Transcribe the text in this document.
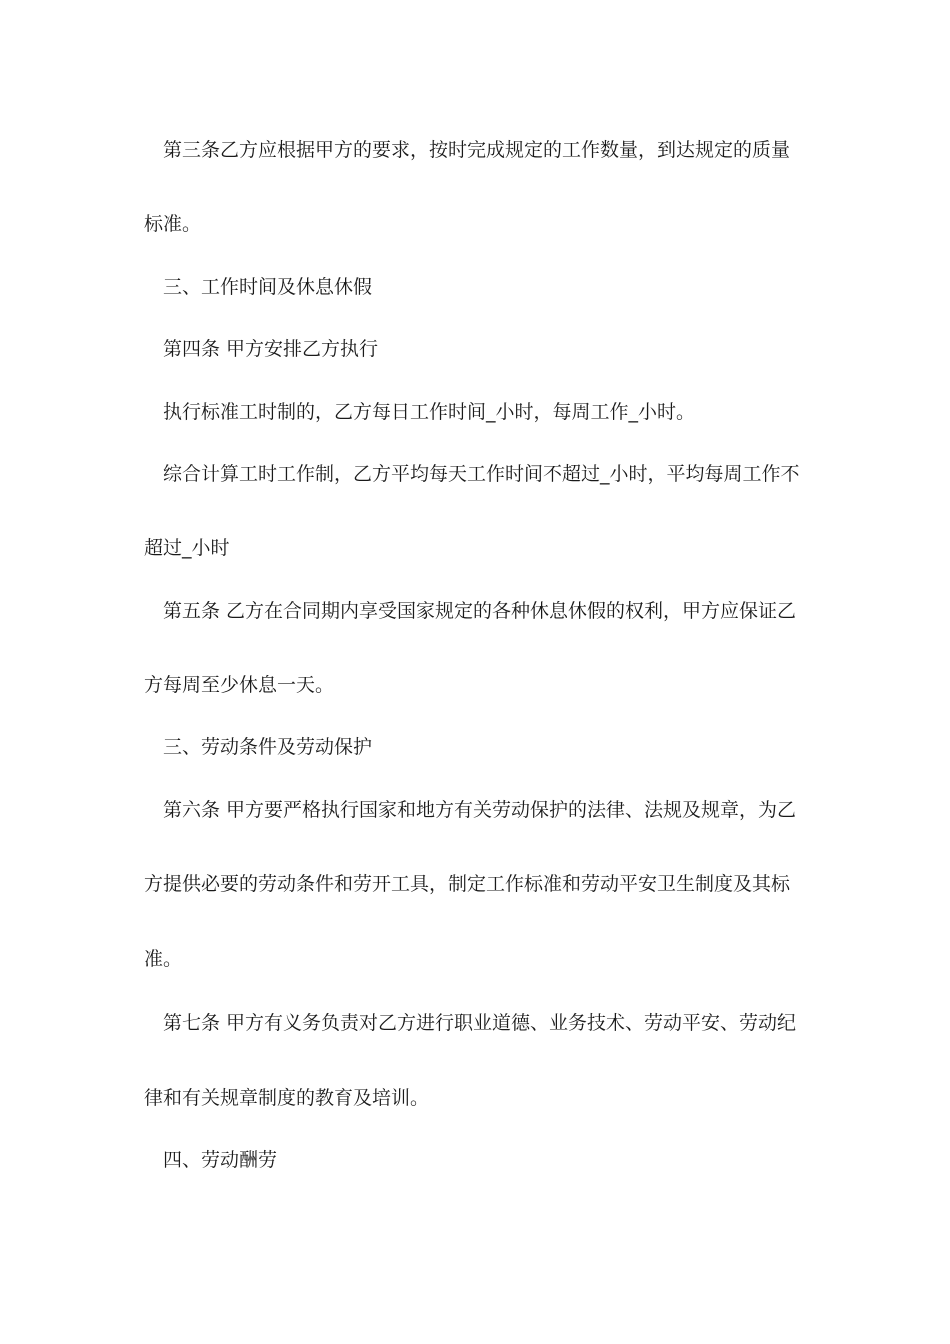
第三条乙方应根据甲方的要求，按时完成规定的工作数量，到达规定的质量
标准。
三、工作时间及休息休假
第四条 甲方安排乙方执行
执行标准工时制的，乙方每日工作时间_小时，每周工作_小时。
综合计算工时工作制，乙方平均每天工作时间不超过_小时，平均每周工作不
超过_小时
第五条 乙方在合同期内享受国家规定的各种休息休假的权利，甲方应保证乙
方每周至少休息一天。
三、劳动条件及劳动保护
第六条 甲方要严格执行国家和地方有关劳动保护的法律、法规及规章，为乙
方提供必要的劳动条件和劳开工具，制定工作标准和劳动平安卫生制度及其标
准。
第七条 甲方有义务负责对乙方进行职业道德、业务技术、劳动平安、劳动纪
律和有关规章制度的教育及培训。
四、劳动酬劳
